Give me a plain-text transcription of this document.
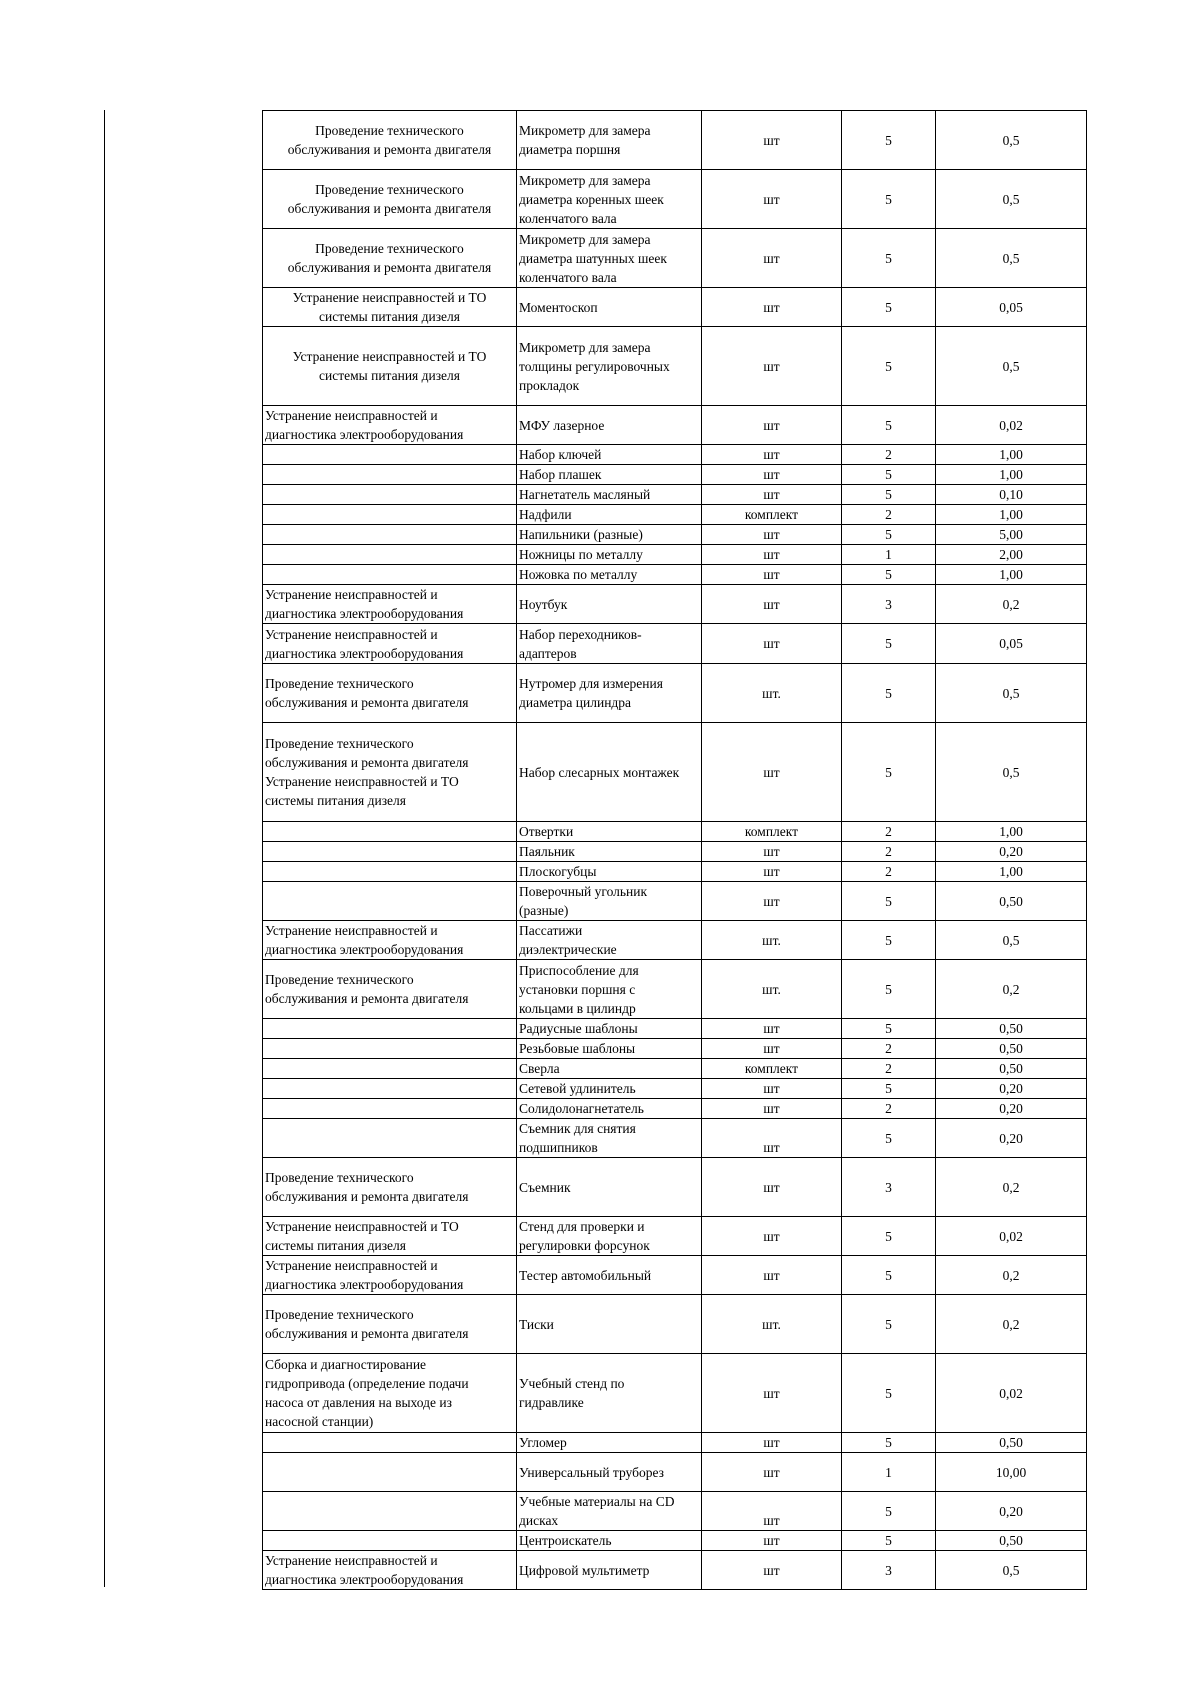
Проведение технического
обслуживания и ремонта двигателя	Микрометр для замера
диаметра поршня	шт	5	0,5
Проведение технического
обслуживания и ремонта двигателя	Микрометр для замера
диаметра коренных шеек
коленчатого вала	шт	5	0,5
Проведение технического
обслуживания и ремонта двигателя	Микрометр для замера
диаметра шатунных шеек
коленчатого вала	шт	5	0,5
Устранение неисправностей и ТО
системы питания дизеля	Моментоскоп	шт	5	0,05
Устранение неисправностей и ТО
системы питания дизеля	Микрометр для замера
толщины регулировочных
прокладок	шт	5	0,5
Устранение неисправностей и
диагностика электрооборудования	МФУ лазерное	шт	5	0,02
	Набор ключей	шт	2	1,00
	Набор плашек	шт	5	1,00
	Нагнетатель масляный	шт	5	0,10
	Надфили	комплект	2	1,00
	Напильники (разные)	шт	5	5,00
	Ножницы по металлу	шт	1	2,00
	Ножовка по металлу	шт	5	1,00
Устранение неисправностей и
диагностика электрооборудования	Ноутбук	шт	3	0,2
Устранение неисправностей и
диагностика электрооборудования	Набор переходников-
адаптеров	шт	5	0,05
Проведение технического
обслуживания и ремонта двигателя	Нутромер для измерения
диаметра цилиндра	шт.	5	0,5
Проведение технического
обслуживания и ремонта двигателя
Устранение неисправностей и ТО
системы питания дизеля	Набор слесарных монтажек	шт	5	0,5
	Отвертки	комплект	2	1,00
	Паяльник	шт	2	0,20
	Плоскогубцы	шт	2	1,00
	Поверочный угольник
(разные)	шт	5	0,50
Устранение неисправностей и
диагностика электрооборудования	Пассатижи
диэлектрические	шт.	5	0,5
Проведение технического
обслуживания и ремонта двигателя	Приспособление для
установки поршня с
кольцами в цилиндр	шт.	5	0,2
	Радиусные шаблоны	шт	5	0,50
	Резьбовые шаблоны	шт	2	0,50
	Сверла	комплект	2	0,50
	Сетевой удлинитель	шт	5	0,20
	Солидолонагнетатель	шт	2	0,20
	Съемник для снятия
подшипников	шт	5	0,20
Проведение технического
обслуживания и ремонта двигателя	Съемник	шт	3	0,2
Устранение неисправностей и ТО
системы питания дизеля	Стенд для проверки и
регулировки форсунок	шт	5	0,02
Устранение неисправностей и
диагностика электрооборудования	Тестер автомобильный	шт	5	0,2
Проведение технического
обслуживания и ремонта двигателя	Тиски	шт.	5	0,2
Сборка и диагностирование
гидропривода (определение подачи
насоса от давления на выходе из
насосной станции)	Учебный стенд по
гидравлике	шт	5	0,02
	Угломер	шт	5	0,50
	Универсальный труборез	шт	1	10,00
	Учебные материалы на CD
дисках	шт	5	0,20
	Центроискатель	шт	5	0,50
Устранение неисправностей и
диагностика электрооборудования	Цифровой мультиметр	шт	3	0,5
